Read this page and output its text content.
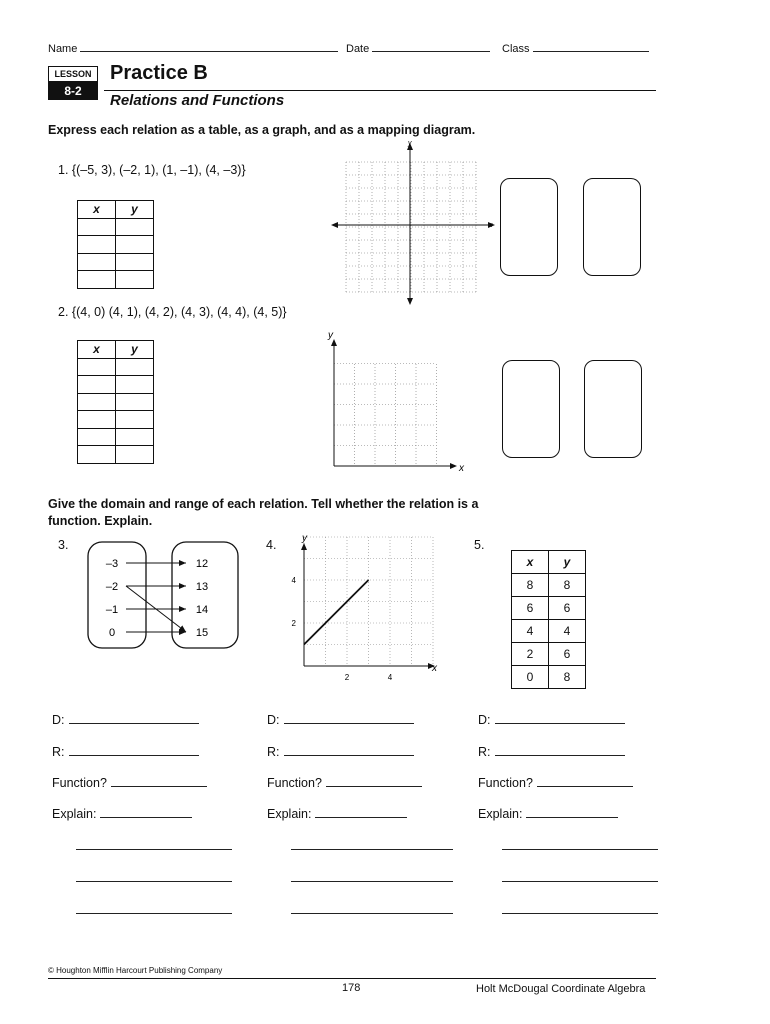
Name	Date	Class
LESSON
8-2
Practice B
Relations and Functions
Express each relation as a table, as a graph, and as a mapping diagram.
1. {(–5, 3), (–2, 1), (1, –1), (4, –3)}
x	y

x
y
2. {(4, 0) (4, 1), (4, 2), (4, 3), (4, 4), (4, 5)}
x	y

x
y
Give the domain and range of each relation. Tell whether the relation is a function. Explain.
3.
–3
–2
–1
0
12
13
14
15
4.
x
y
2	4
2
4
5.
x	y
8	8
6	6
4	4
2	6
0	8
D:
R:
Function?
Explain:
D:
R:
Function?
Explain:
D:
R:
Function?
Explain:
© Houghton Mifflin Harcourt Publishing Company
178	Holt McDougal Coordinate Algebra
